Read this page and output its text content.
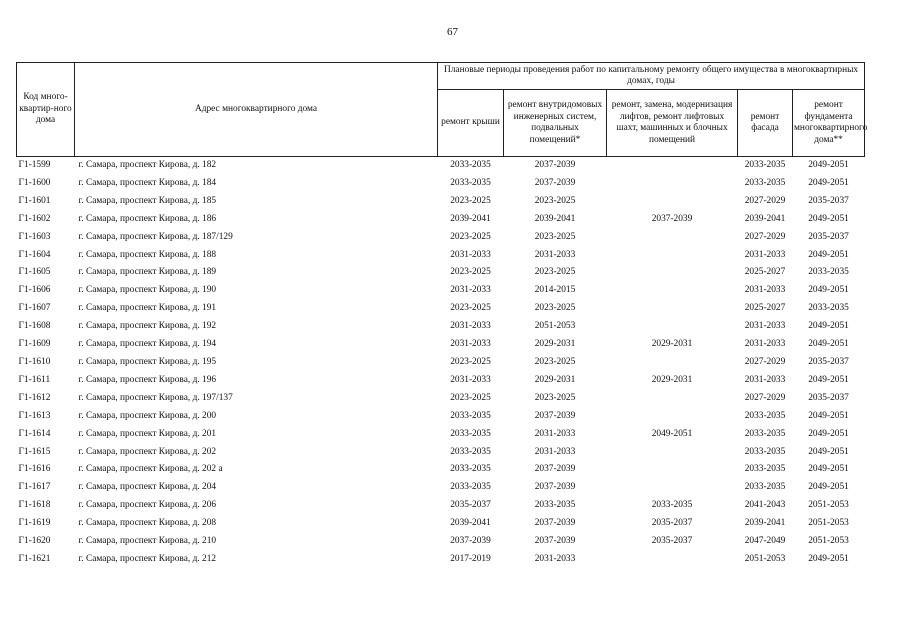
67
Код много-квартир-ного дома	Адрес многоквартирного дома	Плановые периоды проведения работ по капитальному ремонту общего имущества в многоквартирных домах, годы				
		ремонт крыши	ремонт внутридомовых инженерных систем, подвальных помещений*	ремонт, замена, модернизация лифтов, ремонт лифтовых шахт, машинных и блочных помещений	ремонт фасада	ремонт фундамента многоквартирного дома**
Г1-1599	г. Самара, проспект Кирова, д. 182	2033-2035	2037-2039		2033-2035	2049-2051
Г1-1600	г. Самара, проспект Кирова, д. 184	2033-2035	2037-2039		2033-2035	2049-2051
Г1-1601	г. Самара, проспект Кирова, д. 185	2023-2025	2023-2025		2027-2029	2035-2037
Г1-1602	г. Самара, проспект Кирова, д. 186	2039-2041	2039-2041	2037-2039	2039-2041	2049-2051
Г1-1603	г. Самара, проспект Кирова, д. 187/129	2023-2025	2023-2025		2027-2029	2035-2037
Г1-1604	г. Самара, проспект Кирова, д. 188	2031-2033	2031-2033		2031-2033	2049-2051
Г1-1605	г. Самара, проспект Кирова, д. 189	2023-2025	2023-2025		2025-2027	2033-2035
Г1-1606	г. Самара, проспект Кирова, д. 190	2031-2033	2014-2015		2031-2033	2049-2051
Г1-1607	г. Самара, проспект Кирова, д. 191	2023-2025	2023-2025		2025-2027	2033-2035
Г1-1608	г. Самара, проспект Кирова, д. 192	2031-2033	2051-2053		2031-2033	2049-2051
Г1-1609	г. Самара, проспект Кирова, д. 194	2031-2033	2029-2031	2029-2031	2031-2033	2049-2051
Г1-1610	г. Самара, проспект Кирова, д. 195	2023-2025	2023-2025		2027-2029	2035-2037
Г1-1611	г. Самара, проспект Кирова, д. 196	2031-2033	2029-2031	2029-2031	2031-2033	2049-2051
Г1-1612	г. Самара, проспект Кирова, д. 197/137	2023-2025	2023-2025		2027-2029	2035-2037
Г1-1613	г. Самара, проспект Кирова, д. 200	2033-2035	2037-2039		2033-2035	2049-2051
Г1-1614	г. Самара, проспект Кирова, д. 201	2033-2035	2031-2033	2049-2051	2033-2035	2049-2051
Г1-1615	г. Самара, проспект Кирова, д. 202	2033-2035	2031-2033		2033-2035	2049-2051
Г1-1616	г. Самара, проспект Кирова, д. 202 а	2033-2035	2037-2039		2033-2035	2049-2051
Г1-1617	г. Самара, проспект Кирова, д. 204	2033-2035	2037-2039		2033-2035	2049-2051
Г1-1618	г. Самара, проспект Кирова, д. 206	2035-2037	2033-2035	2033-2035	2041-2043	2051-2053
Г1-1619	г. Самара, проспект Кирова, д. 208	2039-2041	2037-2039	2035-2037	2039-2041	2051-2053
Г1-1620	г. Самара, проспект Кирова, д. 210	2037-2039	2037-2039	2035-2037	2047-2049	2051-2053
Г1-1621	г. Самара, проспект Кирова, д. 212	2017-2019	2031-2033		2051-2053	2049-2051
